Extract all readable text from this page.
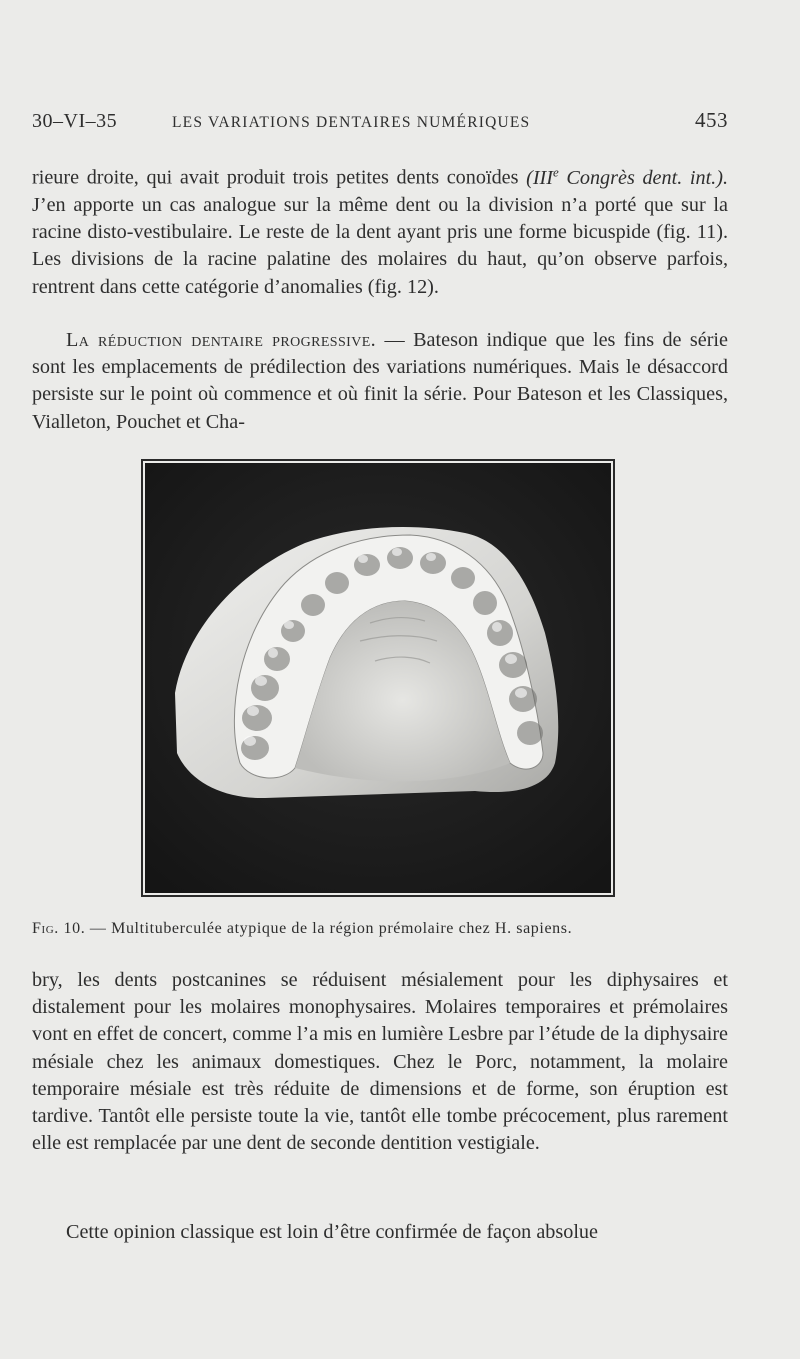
30–VI–35	LES VARIATIONS DENTAIRES NUMÉRIQUES	453

rieure droite, qui avait produit trois petites dents conoïdes (IIIe Congrès dent. int.). J’en apporte un cas analogue sur la même dent ou la division n’a porté que sur la racine disto-vestibulaire. Le reste de la dent ayant pris une forme bicuspide (fig. 11). Les divisions de la racine palatine des molaires du haut, qu’on observe parfois, rentrent dans cette catégorie d’anomalies (fig. 12).

La réduction dentaire progressive. — Bateson indique que les fins de série sont les emplacements de prédilection des variations numériques. Mais le désaccord persiste sur le point où commence et où finit la série. Pour Bateson et les Classiques, Vialleton, Pouchet et Cha-

Fig. 10. — Multituberculée atypique de la région prémolaire chez H. sapiens.

bry, les dents postcanines se réduisent mésialement pour les diphysaires et distalement pour les molaires monophysaires. Molaires temporaires et prémolaires vont en effet de concert, comme l’a mis en lumière Lesbre par l’étude de la diphysaire mésiale chez les animaux domestiques. Chez le Porc, notamment, la molaire temporaire mésiale est très réduite de dimensions et de forme, son éruption est tardive. Tantôt elle persiste toute la vie, tantôt elle tombe précocement, plus rarement elle est remplacée par une dent de seconde dentition vestigiale.

Cette opinion classique est loin d’être confirmée de façon absolue
